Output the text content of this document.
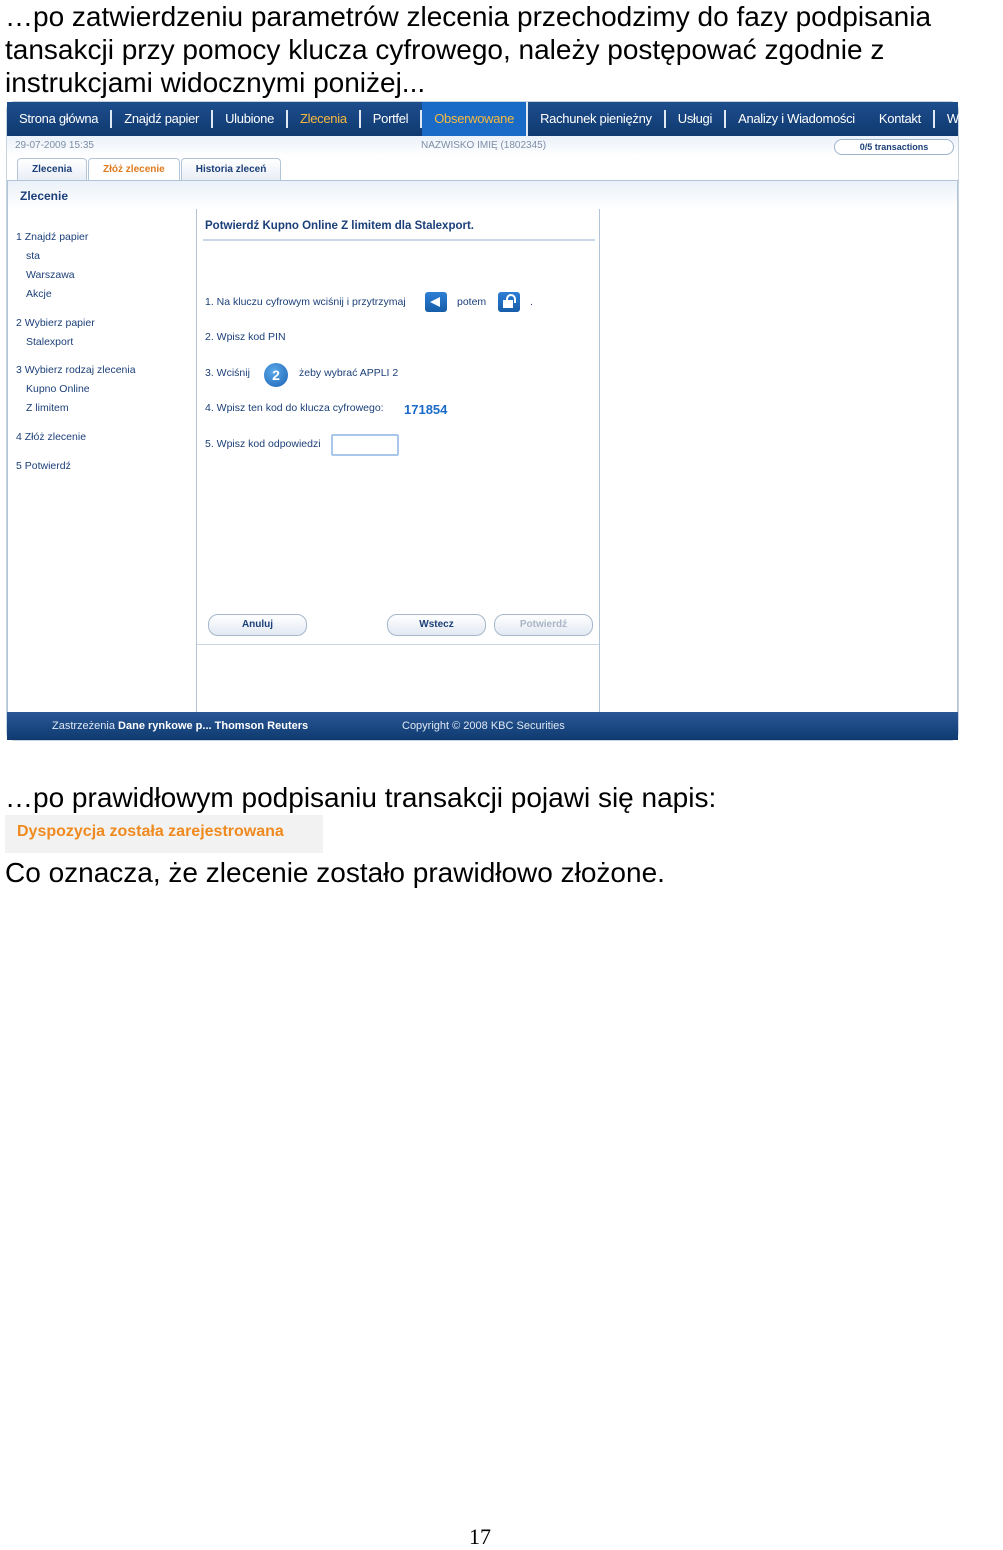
…po zatwierdzeniu parametrów zlecenia przechodzimy do fazy podpisania tansakcji przy pomocy klucza cyfrowego, należy postępować zgodnie z instrukcjami widocznymi poniżej...

Strona główna	Znajdź papier	Ulubione	Zlecenia	Portfel	Obserwowane	Rachunek pieniężny	Usługi	Analizy i Wiadomości	Kontakt	Wyloguj
29-07-2009 15:35	NAZWISKO IMIĘ (1802345)	0/5 transactions
Zlecenia	Złóż zlecenie	Historia zleceń
Zlecenie
1 Znajdź papier
sta
Warszawa
Akcje
2 Wybierz papier
Stalexport
3 Wybierz rodzaj zlecenia
Kupno Online
Z limitem
4 Złóż zlecenie
5 Potwierdź
Potwierdź Kupno Online Z limitem dla Stalexport.
1. Na kluczu cyfrowym wciśnij i przytrzymaj	potem	.
2. Wpisz kod PIN
3. Wciśnij	2	żeby wybrać APPLI 2
4. Wpisz ten kod do klucza cyfrowego: 171854
5. Wpisz kod odpowiedzi
Anuluj	Wstecz	Potwierdź
Zastrzeżenia Dane rynkowe p... Thomson Reuters	Copyright © 2008 KBC Securities

…po prawidłowym podpisaniu transakcji pojawi się napis:

Dyspozycja została zarejestrowana

Co oznacza, że zlecenie zostało prawidłowo złożone.

17
